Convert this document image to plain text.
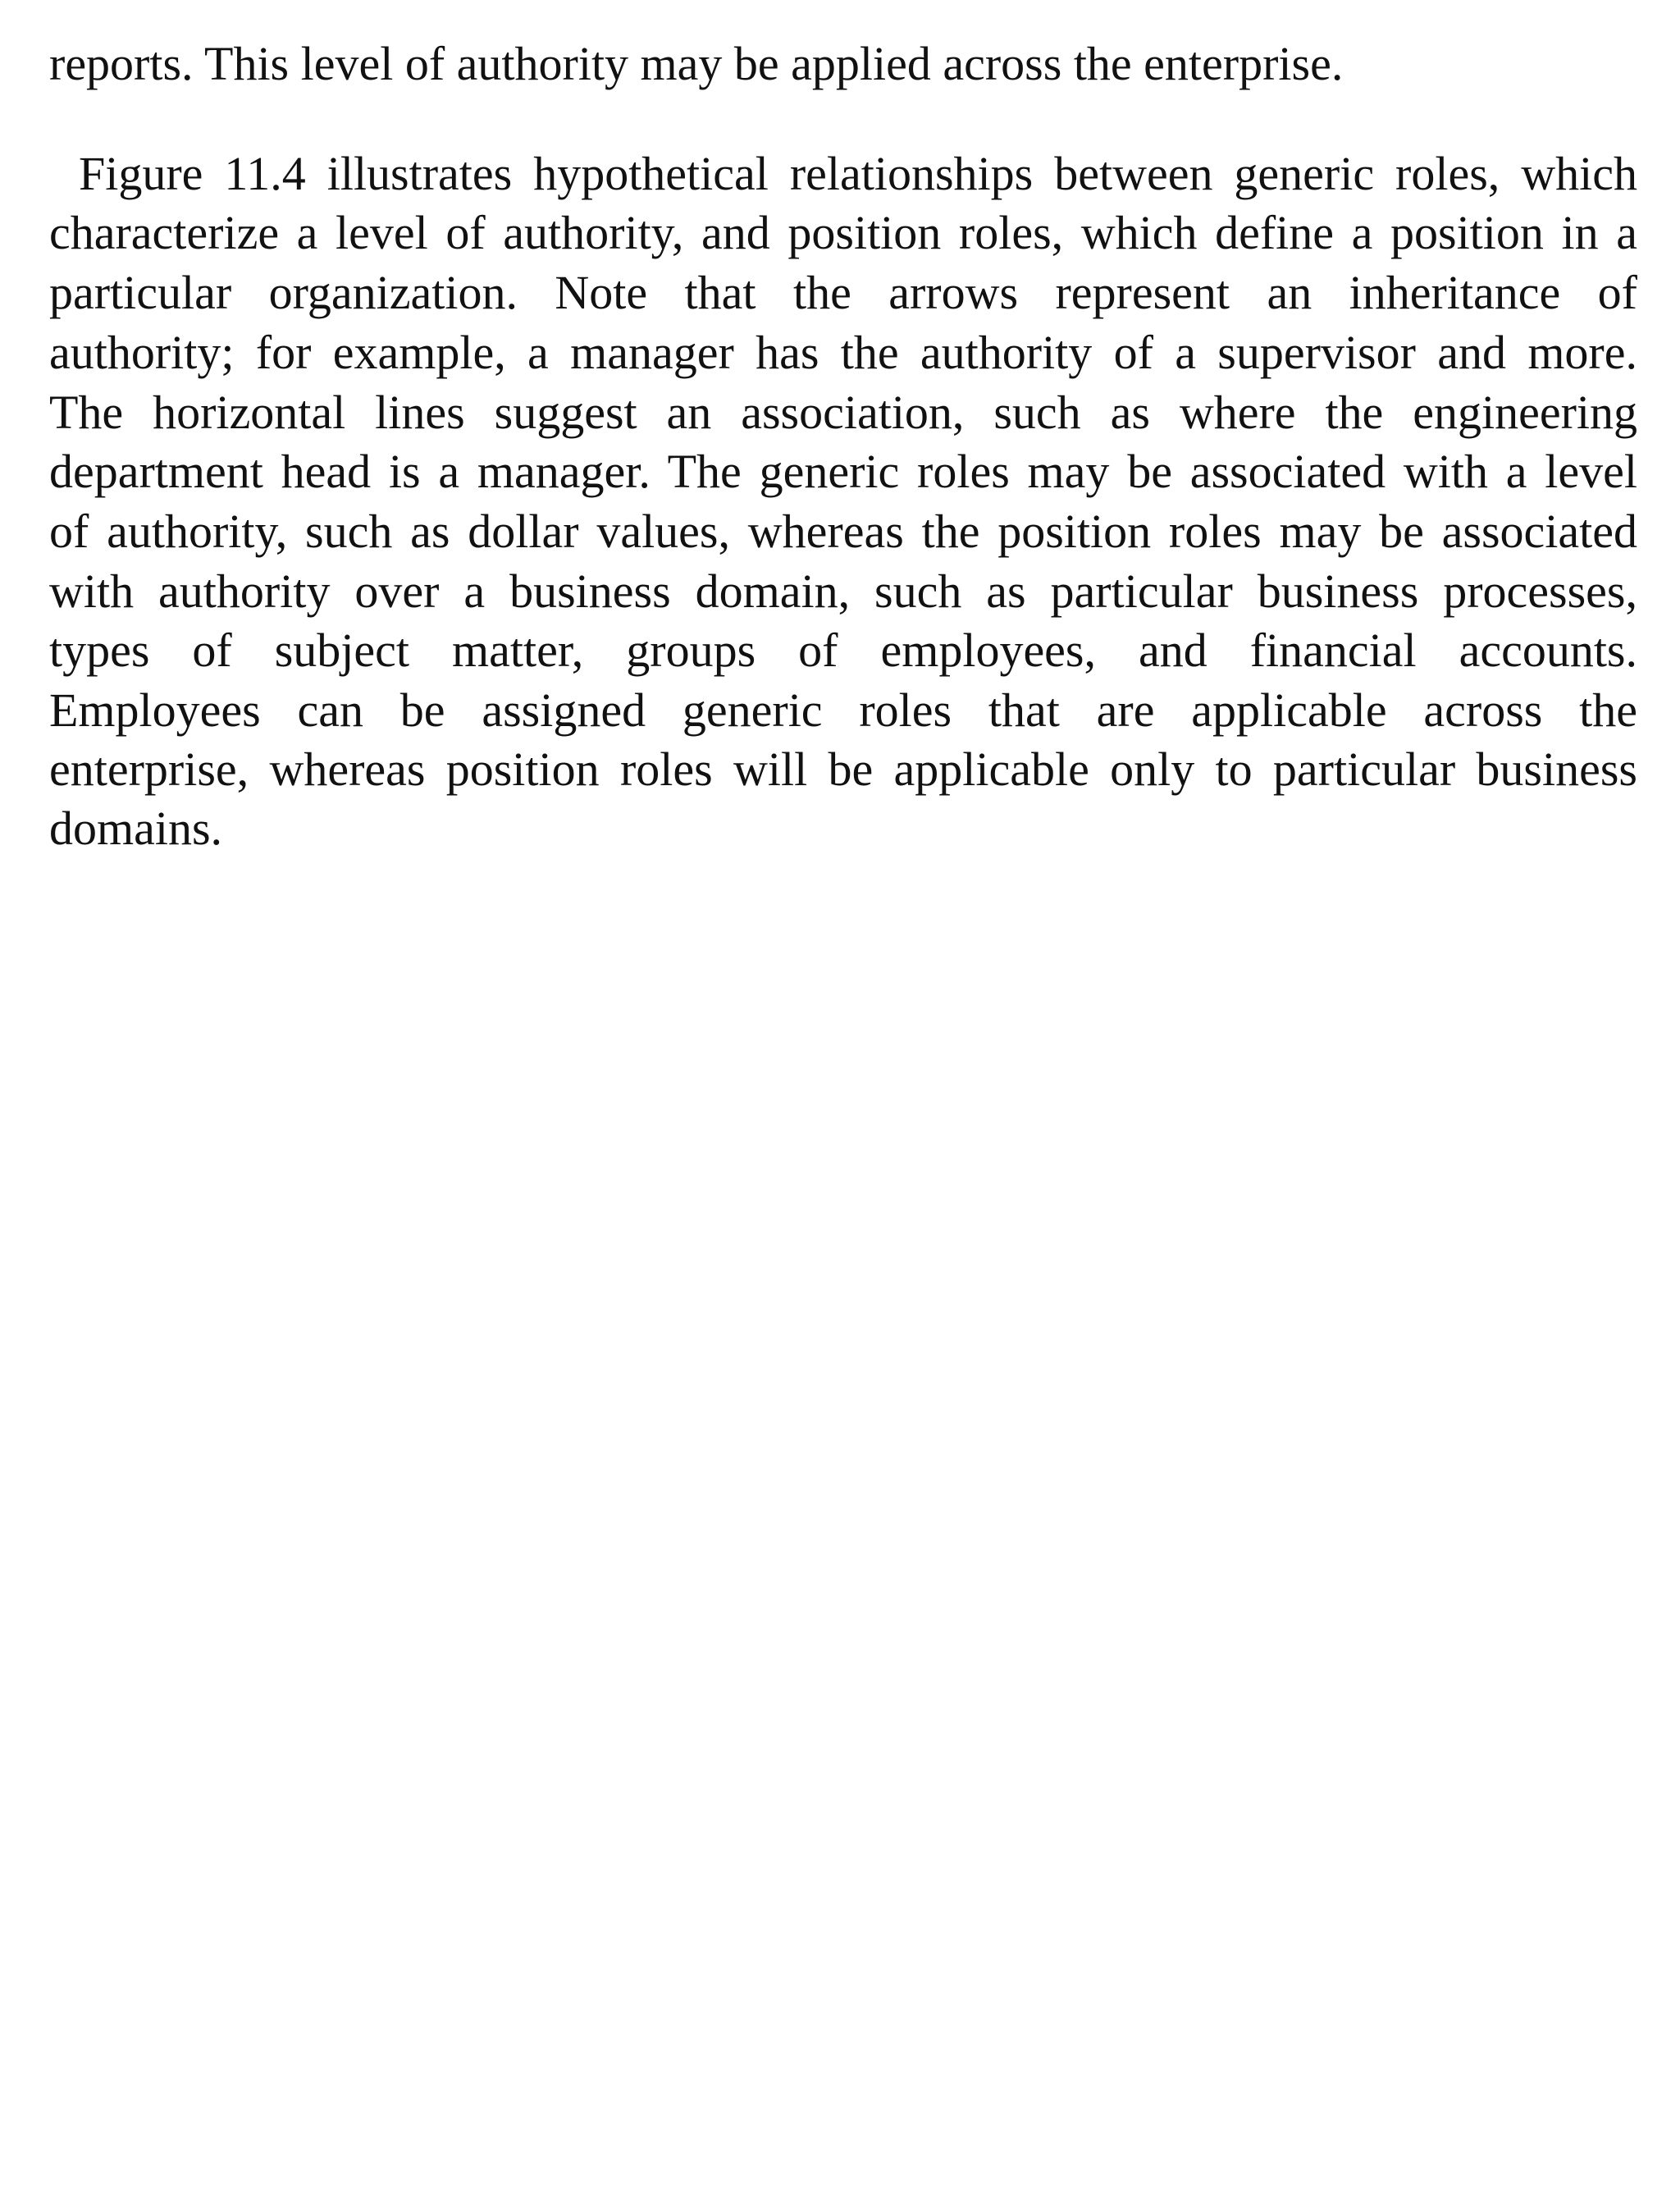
reports. This level of authority may be applied across the enterprise.
Figure 11.4 illustrates hypothetical relationships between generic roles, which
characterize a level of authority, and position roles, which define a position in a
particular organization. Note that the arrows represent an inheritance of
authority; for example, a manager has the authority of a supervisor and more.
The horizontal lines suggest an association, such as where the engineering
department head is a manager. The generic roles may be associated with a level
of authority, such as dollar values, whereas the position roles may be associated
with authority over a business domain, such as particular business processes,
types of subject matter, groups of employees, and financial accounts.
Employees can be assigned generic roles that are applicable across the
enterprise, whereas position roles will be applicable only to particular business
domains.
